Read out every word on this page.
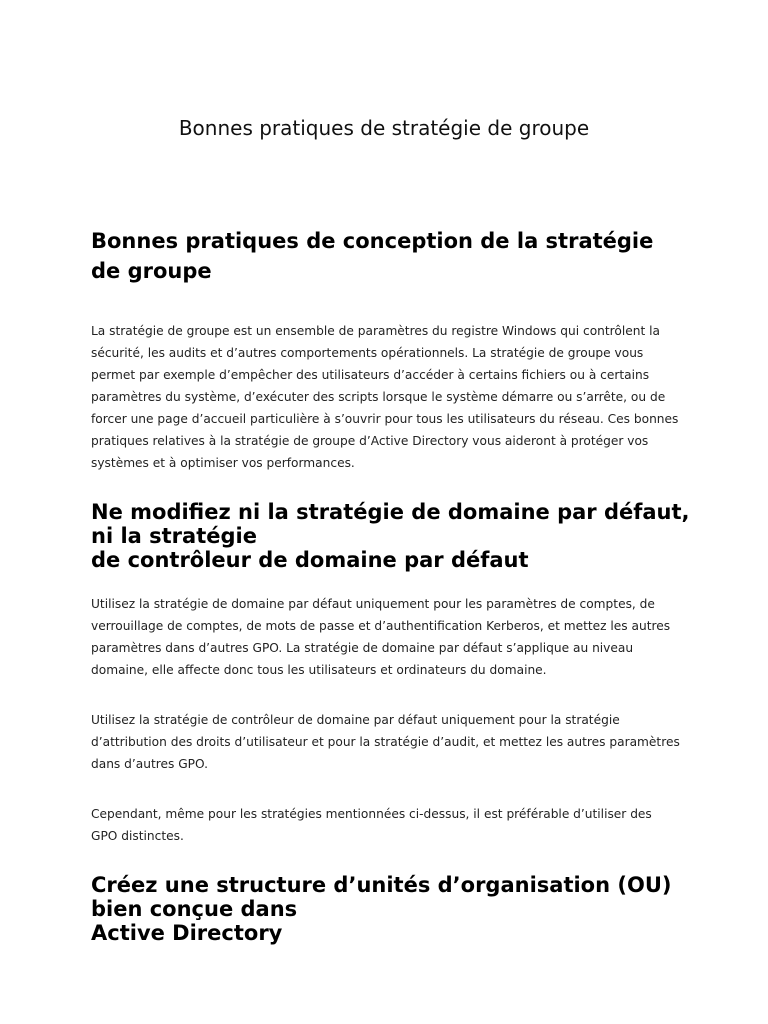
Bonnes pratiques de stratégie de groupe
Bonnes pratiques de conception de la stratégie
de groupe

La stratégie de groupe est un ensemble de paramètres du registre Windows qui contrôlent la sécurité, les audits et d’autres comportements opérationnels. La stratégie de groupe vous permet par exemple d’empêcher des utilisateurs d’accéder à certains fichiers ou à certains paramètres du système, d’exécuter des scripts lorsque le système démarre ou s’arrête, ou de forcer une page d’accueil particulière à s’ouvrir pour tous les utilisateurs du réseau. Ces bonnes pratiques relatives à la stratégie de groupe d’Active Directory vous aideront à protéger vos systèmes et à optimiser vos performances.

Ne modifiez ni la stratégie de domaine par défaut,
ni la stratégie
de contrôleur de domaine par défaut

Utilisez la stratégie de domaine par défaut uniquement pour les paramètres de comptes, de verrouillage de comptes, de mots de passe et d’authentification Kerberos, et mettez les autres paramètres dans d’autres GPO. La stratégie de domaine par défaut s’applique au niveau domaine, elle affecte donc tous les utilisateurs et ordinateurs du domaine.

Utilisez la stratégie de contrôleur de domaine par défaut uniquement pour la stratégie d’attribution des droits d’utilisateur et pour la stratégie d’audit, et mettez les autres paramètres dans d’autres GPO.

Cependant, même pour les stratégies mentionnées ci-dessus, il est préférable d’utiliser des GPO distinctes.

Créez une structure d’unités d’organisation (OU)
bien conçue dans
Active Directory
